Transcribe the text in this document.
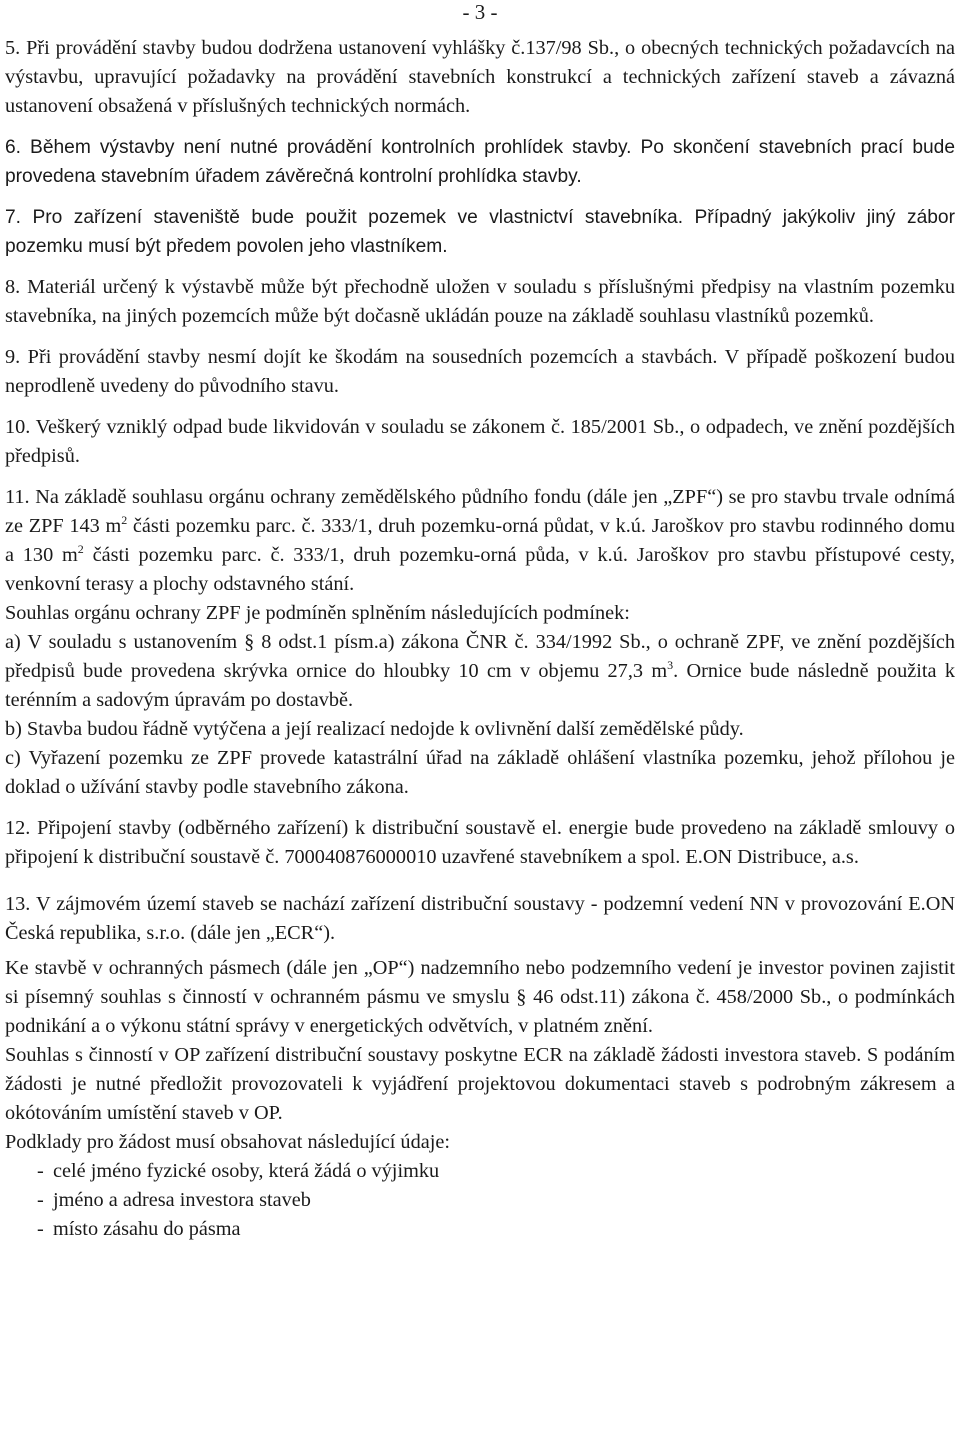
- 3 -

5. Při provádění stavby budou dodržena ustanovení vyhlášky č.137/98 Sb., o obecných technických požadavcích na výstavbu, upravující požadavky na provádění stavebních konstrukcí a technických zařízení staveb a závazná ustanovení obsažená v příslušných technických normách.

6. Během výstavby není nutné provádění kontrolních prohlídek stavby. Po skončení stavebních prací bude provedena stavebním úřadem závěrečná kontrolní prohlídka stavby.

7. Pro zařízení staveniště bude použit pozemek ve vlastnictví stavebníka. Případný jakýkoliv jiný zábor pozemku musí být předem povolen jeho vlastníkem.

8. Materiál určený k výstavbě může být přechodně uložen v souladu s příslušnými předpisy na vlastním pozemku stavebníka, na jiných pozemcích může být dočasně ukládán pouze na základě souhlasu vlastníků pozemků.

9. Při provádění stavby nesmí dojít ke škodám na sousedních pozemcích a stavbách. V případě poškození budou neprodleně uvedeny do původního stavu.

10. Veškerý vzniklý odpad bude likvidován v souladu se zákonem č. 185/2001 Sb., o odpadech, ve znění pozdějších předpisů.

11. Na základě souhlasu orgánu ochrany zemědělského půdního fondu (dále jen „ZPF“) se pro stavbu trvale odnímá ze ZPF 143 $m^2$ části pozemku parc. č. 333/1, druh pozemku-orná půdat, v k.ú. Jaroškov pro stavbu rodinného domu a 130 $m^2$ části pozemku parc. č. 333/1, druh pozemku-orná půda, v k.ú. Jaroškov pro stavbu přístupové cesty, venkovní terasy a plochy odstavného stání.

Souhlas orgánu ochrany ZPF je podmíněn splněním následujících podmínek:

a) V souladu s ustanovením § 8 odst.1 písm.a) zákona ČNR č. 334/1992 Sb., o ochraně ZPF, ve znění pozdějších předpisů bude provedena skrývka ornice do hloubky 10 cm v objemu 27,3 $m^3$. Ornice bude následně použita k terénním a sadovým úpravám po dostavbě.

b) Stavba budou řádně vytýčena a její realizací nedojde k ovlivnění další zemědělské půdy.

c) Vyřazení pozemku ze ZPF provede katastrální úřad na základě ohlášení vlastníka pozemku, jehož přílohou je doklad o užívání stavby podle stavebního zákona.

12. Připojení stavby (odběrného zařízení) k distribuční soustavě el. energie bude provedeno na základě smlouvy o připojení k distribuční soustavě č. 700040876000010 uzavřené stavebníkem a spol. E.ON Distribuce, a.s.

13. V zájmovém území staveb se nachází zařízení distribuční soustavy - podzemní vedení NN v provozování E.ON Česká republika, s.r.o. (dále jen „ECR“).

Ke stavbě v ochranných pásmech (dále jen „OP“) nadzemního nebo podzemního vedení je investor povinen zajistit si písemný souhlas s činností v ochranném pásmu ve smyslu § 46 odst.11) zákona č. 458/2000 Sb., o podmínkách podnikání a o výkonu státní správy v energetických odvětvích, v platném znění.

Souhlas s činností v OP zařízení distribuční soustavy poskytne ECR na základě žádosti investora staveb. S podáním žádosti je nutné předložit provozovateli k vyjádření projektovou dokumentaci staveb s podrobným zákresem a okótováním umístění staveb v OP.

Podklady pro žádost musí obsahovat následující údaje:

- celé jméno fyzické osoby, která žádá o výjimku
- jméno a adresa investora staveb
- místo zásahu do pásma
